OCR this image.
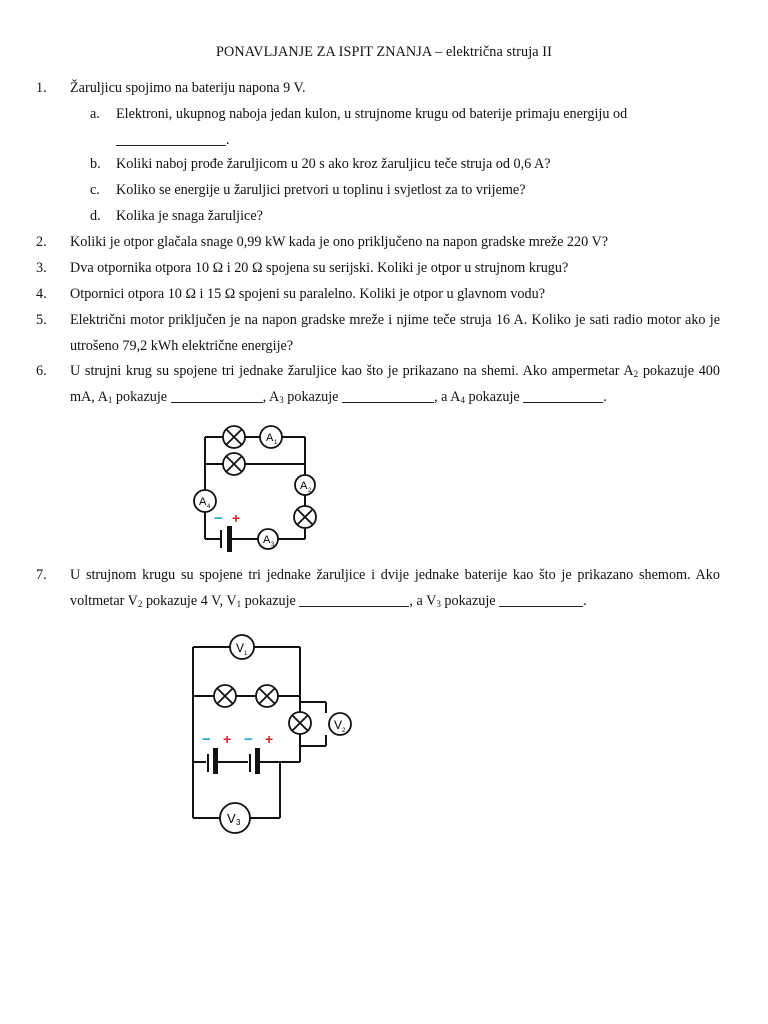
PONAVLJANJE ZA ISPIT ZNANJA – električna struja II
1.	Žaruljicu spojimo na bateriju napona 9 V.
a.	Elektroni, ukupnog naboja jedan kulon, u strujnome krugu od baterije primaju energiju od
.
b.	Koliki naboj prođe žaruljicom u 20 s ako kroz žaruljicu teče struja od 0,6 A?
c.	Koliko se energije u žaruljici pretvori u toplinu i svjetlost za to vrijeme?
d.	Kolika je snaga žaruljice?
2.	Koliki je otpor glačala snage 0,99 kW kada je ono priključeno na napon gradske mreže 220 V?
3.	Dva otpornika otpora 10 Ω i 20 Ω spojena su serijski. Koliki je otpor u strujnom krugu?
4.	Otpornici otpora 10 Ω i 15 Ω spojeni su paralelno. Koliki je otpor u glavnom vodu?
5.	Električni motor priključen je na napon gradske mreže i njime teče struja 16 A. Koliko je sati radio motor ako je utrošeno 79,2 kWh električne energije?
6.	U strujni krug su spojene tri jednake žaruljice kao što je prikazano na shemi. Ako ampermetar $A_2$ pokazuje 400 mA, $A_1$ pokazuje	, $A_3$ pokazuje	, a $A_4$ pokazuje	.
A 1
A 2
A 3
A 4
− +
7.	U strujnom krugu su spojene tri jednake žaruljice i dvije jednake baterije kao što je prikazano shemom. Ako voltmetar $V_2$ pokazuje 4 V, $V_1$ pokazuje	, a $V_3$ pokazuje	.
V 1
V 2
− + − +
V 3
